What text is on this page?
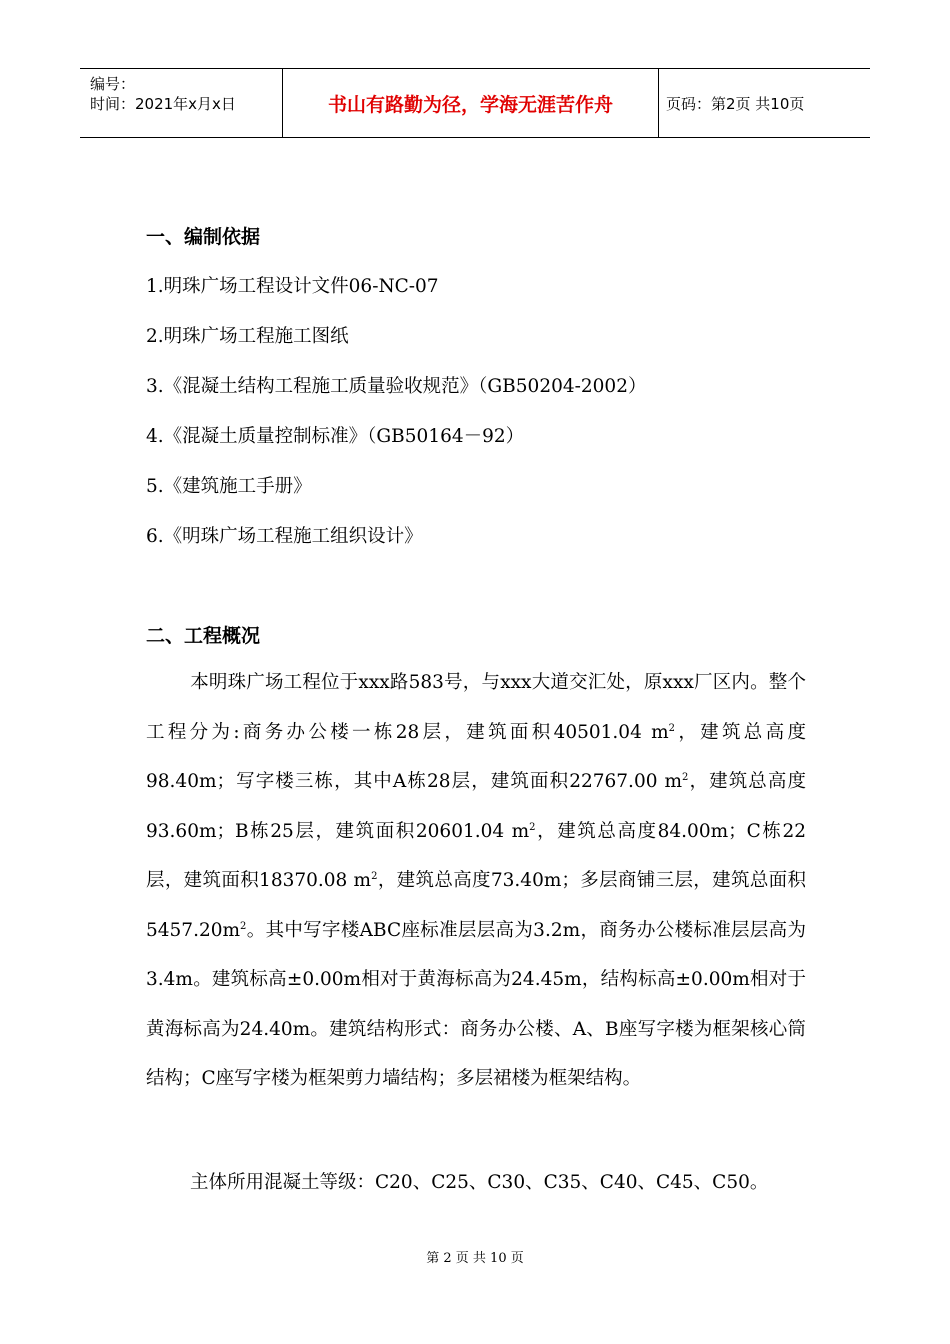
编号：
时间：2021年x月x日	书山有路勤为径，学海无涯苦作舟	页码：第2页 共10页
一、编制依据
1.明珠广场工程设计文件06-NC-07
2.明珠广场工程施工图纸
3.《混凝土结构工程施工质量验收规范》（GB50204-2002）
4.《混凝土质量控制标准》（GB50164－92）
5.《建筑施工手册》
6.《明珠广场工程施工组织设计》
二、工程概况
本明珠广场工程位于xxx路583号，与xxx大道交汇处，原xxx厂区内。整个工程分为:商务办公楼一栋28层，建筑面积40501.04 $m^2$，建筑总高度98.40m；写字楼三栋，其中A栋28层，建筑面积22767.00 $m^2$，建筑总高度93.60m；B栋25层，建筑面积20601.04 $m^2$，建筑总高度84.00m；C栋22层，建筑面积18370.08 $m^2$，建筑总高度73.40m；多层商铺三层，建筑总面积$5457.20m^2$。其中写字楼ABC座标准层层高为3.2m，商务办公楼标准层层高为3.4m。建筑标高±0.00m相对于黄海标高为24.45m，结构标高±0.00m相对于黄海标高为24.40m。建筑结构形式：商务办公楼、A、B座写字楼为框架核心筒结构；C座写字楼为框架剪力墙结构；多层裙楼为框架结构。
主体所用混凝土等级：C20、C25、C30、C35、C40、C45、C50。
第 2 页 共 10 页
